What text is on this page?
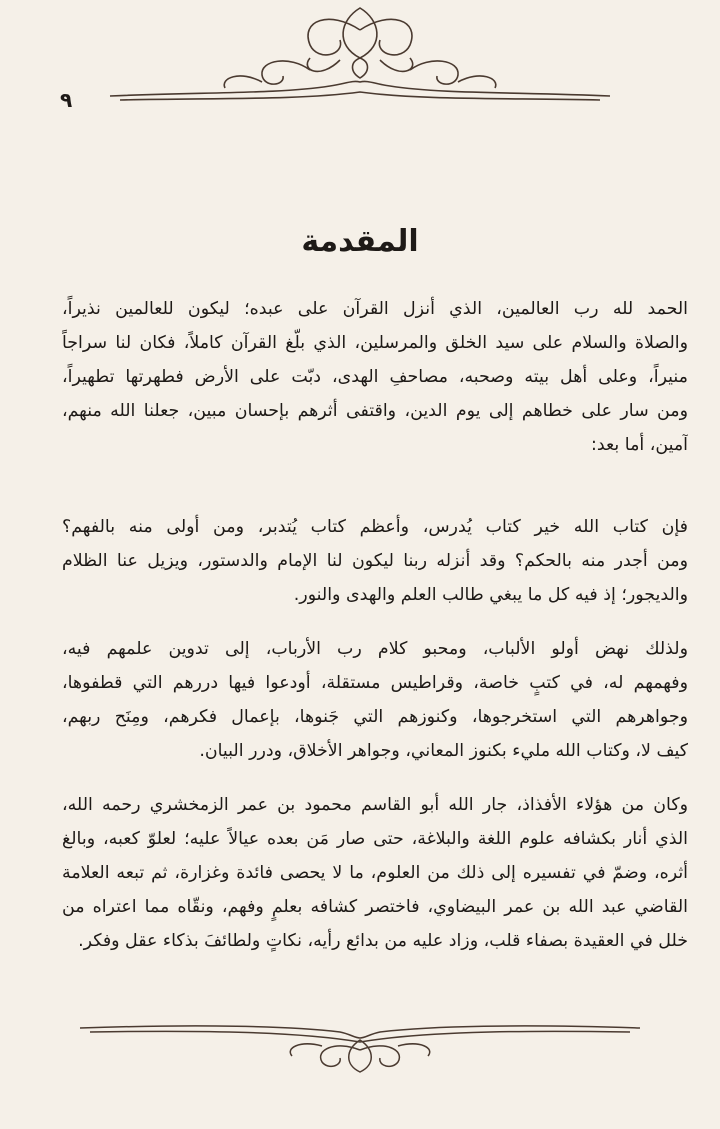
٩
المقدمة
الحمد لله رب العالمين، الذي أنزل القرآن على عبده؛ ليكون للعالمين نذيراً،
والصلاة والسلام على سيد الخلق والمرسلين، الذي بلّغ القرآن كاملاً، فكان لنا سراجاً
منيراً، وعلى أهل بيته وصحبه، مصاحفِ الهدى، دبّت على الأرض فطهرتها تطهيراً،
ومن سار على خطاهم إلى يوم الدين، واقتفى أثرهم بإحسان مبين، جعلنا الله منهم،
آمين، أما بعد:
فإن كتاب الله خير كتاب يُدرس، وأعظم كتاب يُتدبر، ومن أولى منه بالفهم؟
ومن أجدر منه بالحكم؟ وقد أنزله ربنا ليكون لنا الإمام والدستور، ويزيل عنا الظلام
والديجور؛ إذ فيه كل ما يبغي طالب العلم والهدى والنور.
ولذلك نهض أولو الألباب، ومحبو كلام رب الأرباب، إلى تدوين علمهم فيه،
وفهمهم له، في كتبٍ خاصة، وقراطيس مستقلة، أودعوا فيها دررهم التي قطفوها،
وجواهرهم التي استخرجوها، وكنوزهم التي جَنوها، بإعمال فكرهم، ومِنَح ربهم،
كيف لا، وكتاب الله مليء بكنوز المعاني، وجواهر الأخلاق، ودرر البيان.
وكان من هؤلاء الأفذاذ، جار الله أبو القاسم محمود بن عمر الزمخشري رحمه الله،
الذي أنار بكشافه علوم اللغة والبلاغة، حتى صار مَن بعده عيالاً عليه؛ لعلوّ كعبه، وبالغ
أثره، وضمّ في تفسيره إلى ذلك من العلوم، ما لا يحصى فائدة وغزارة، ثم تبعه العلامة
القاضي عبد الله بن عمر البيضاوي، فاختصر كشافه بعلمٍ وفهم، ونقّاه مما اعتراه من
خلل في العقيدة بصفاء قلب، وزاد عليه من بدائع رأيه، نكاتٍ ولطائفَ بذكاء عقل وفكر.
